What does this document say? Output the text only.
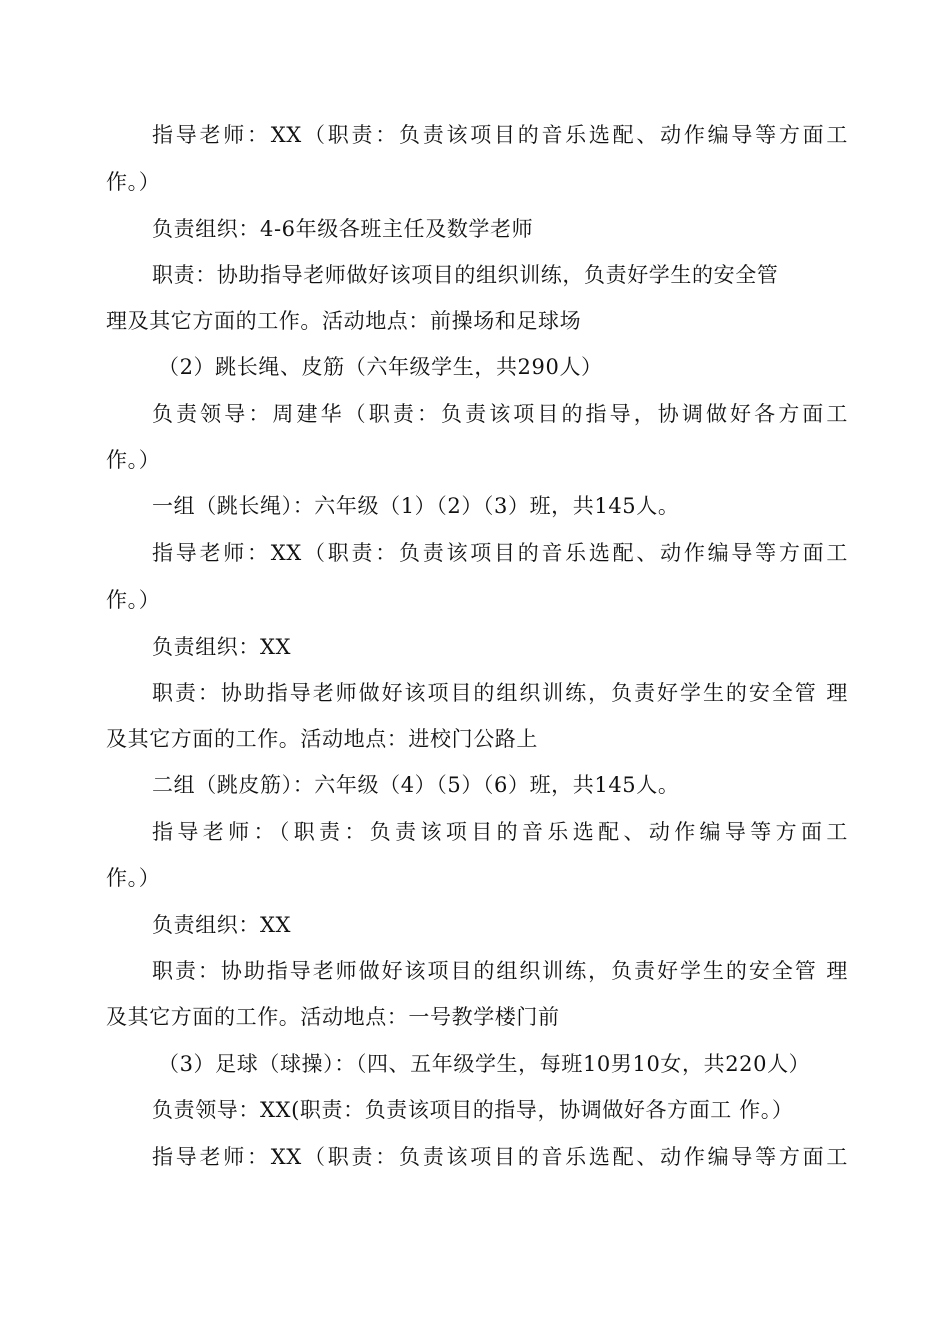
指导老师：XX（职责：负责该项目的音乐选配、动作编导等方面工
作。）
负责组织：4-6年级各班主任及数学老师
职责：协助指导老师做好该项目的组织训练，负责好学生的安全管
理及其它方面的工作。活动地点：前操场和足球场
（2）跳长绳、皮筋（六年级学生，共290人）
负责领导：周建华（职责：负责该项目的指导，协调做好各方面工
作。）
一组（跳长绳）：六年级（1）（2）（3）班，共145人。
指导老师：XX（职责：负责该项目的音乐选配、动作编导等方面工
作。）
负责组织：XX
职责：协助指导老师做好该项目的组织训练，负责好学生的安全管 理
及其它方面的工作。活动地点：进校门公路上
二组（跳皮筋）：六年级（4）（5）（6）班，共145人。
指导老师：（职责：负责该项目的音乐选配、动作编导等方面工
作。）
负责组织：XX
职责：协助指导老师做好该项目的组织训练，负责好学生的安全管 理
及其它方面的工作。活动地点：一号教学楼门前
（3）足球（球操）：（四、五年级学生，每班10男10女，共220人）
负责领导：XX(职责：负责该项目的指导，协调做好各方面工 作。）
指导老师：XX（职责：负责该项目的音乐选配、动作编导等方面工
